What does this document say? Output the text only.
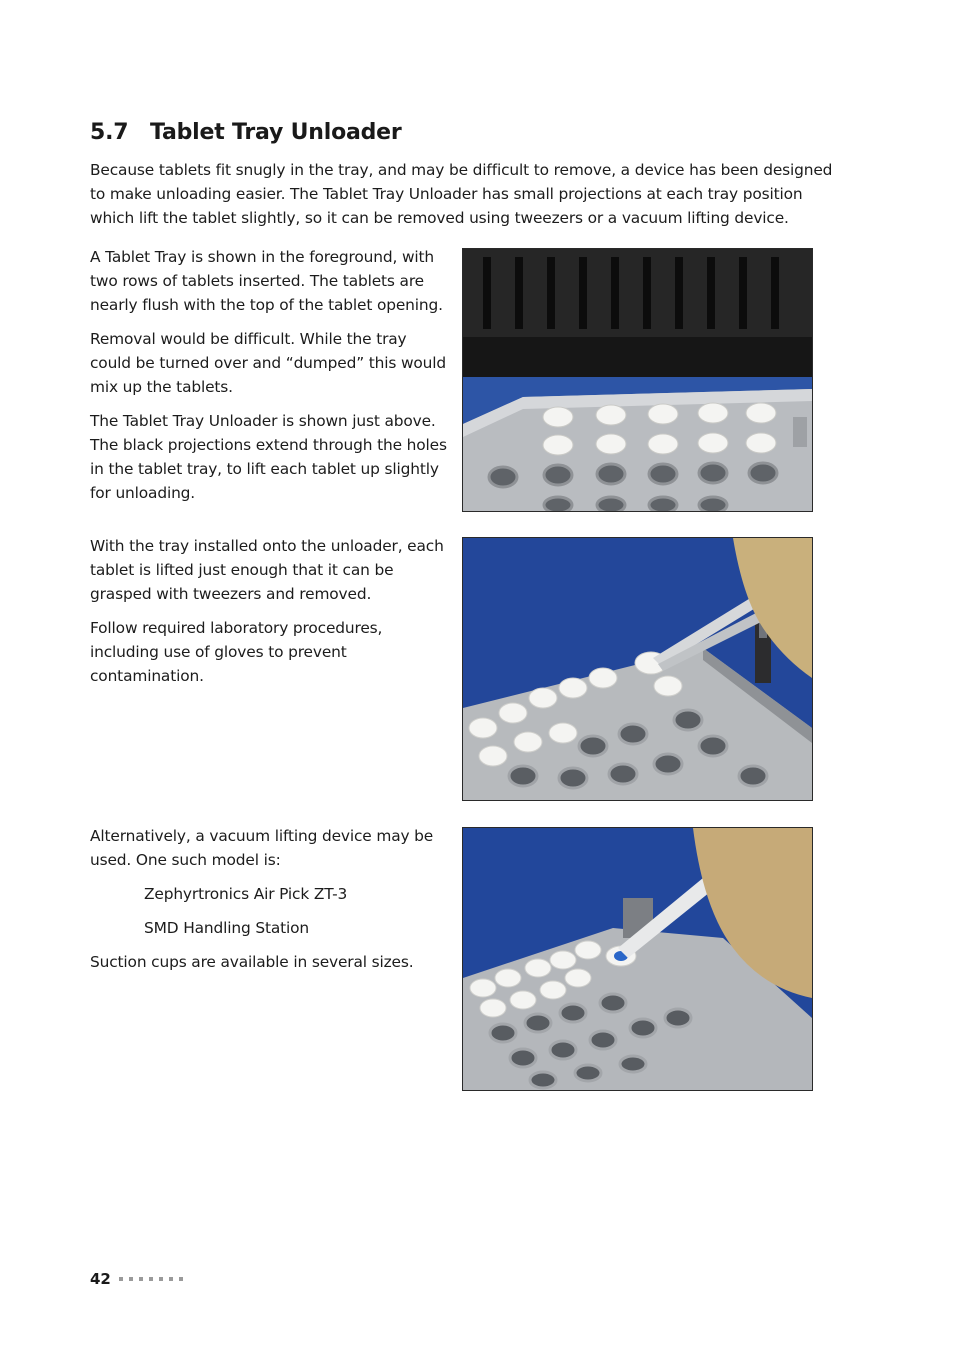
5.7 Tablet Tray Unloader

Because tablets fit snugly in the tray, and may be difficult to remove, a device has been designed to make unloading easier. The Tablet Tray Unloader has small projections at each tray position which lift the tablet slightly, so it can be removed using tweezers or a vacuum lifting device.

A Tablet Tray is shown in the foreground, with two rows of tablets inserted. The tablets are nearly flush with the top of the tablet opening.

Removal would be difficult. While the tray could be turned over and “dumped” this would mix up the tablets.

The Tablet Tray Unloader is shown just above. The black projections extend through the holes in the tablet tray, to lift each tablet up slightly for unloading.

With the tray installed onto the unloader, each tablet is lifted just enough that it can be grasped with tweezers and removed.

Follow required laboratory procedures, including use of gloves to prevent contamination.

Alternatively, a vacuum lifting device may be used. One such model is:

Zephyrtronics Air Pick ZT-3

SMD Handling Station

Suction cups are available in several sizes.

42
